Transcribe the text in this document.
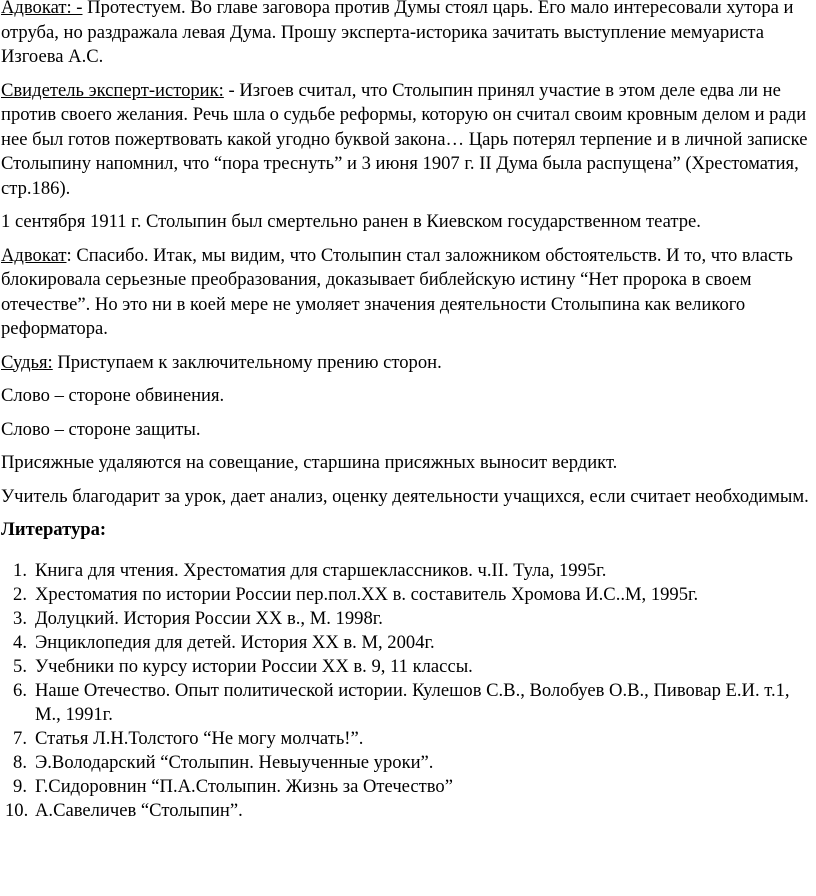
Адвокат: - Протестуем. Во главе заговора против Думы стоял царь. Его мало интересовали хутора и отруба, но раздражала левая Дума. Прошу эксперта-историка зачитать выступление мемуариста Изгоева А.С.

Свидетель эксперт-историк: - Изгоев считал, что Столыпин принял участие в этом деле едва ли не против своего желания. Речь шла о судьбе реформы, которую он считал своим кровным делом и ради нее был готов пожертвовать какой угодно буквой закона… Царь потерял терпение и в личной записке Столыпину напомнил, что “пора треснуть” и 3 июня 1907 г. II Дума была распущена” (Хрестоматия, стр.186).

1 сентября 1911 г. Столыпин был смертельно ранен в Киевском государственном театре.

Адвокат: Спасибо. Итак, мы видим, что Столыпин стал заложником обстоятельств. И то, что власть блокировала серьезные преобразования, доказывает библейскую истину “Нет пророка в своем отечестве”. Но это ни в коей мере не умоляет значения деятельности Столыпина как великого реформатора.

Судья: Приступаем к заключительному прению сторон.

Слово – стороне обвинения.

Слово – стороне защиты.

Присяжные удаляются на совещание, старшина присяжных выносит вердикт.

Учитель благодарит за урок, дает анализ, оценку деятельности учащихся, если считает необходимым.

Литература:

1. Книга для чтения. Хрестоматия для старшеклассников. ч.II. Тула, 1995г.
2. Хрестоматия по истории России пер.пол.XX в. составитель Хромова И.С..М, 1995г.
3. Долуцкий. История России XX в., М. 1998г.
4. Энциклопедия для детей. История XX в. М, 2004г.
5. Учебники по курсу истории России XX в. 9, 11 классы.
6. Наше Отечество. Опыт политической истории. Кулешов С.В., Волобуев О.В., Пивовар Е.И. т.1, М., 1991г.
7. Статья Л.Н.Толстого “Не могу молчать!”.
8. Э.Володарский “Столыпин. Невыученные уроки”.
9. Г.Сидоровнин “П.А.Столыпин. Жизнь за Отечество”
10. А.Савеличев “Столыпин”.
